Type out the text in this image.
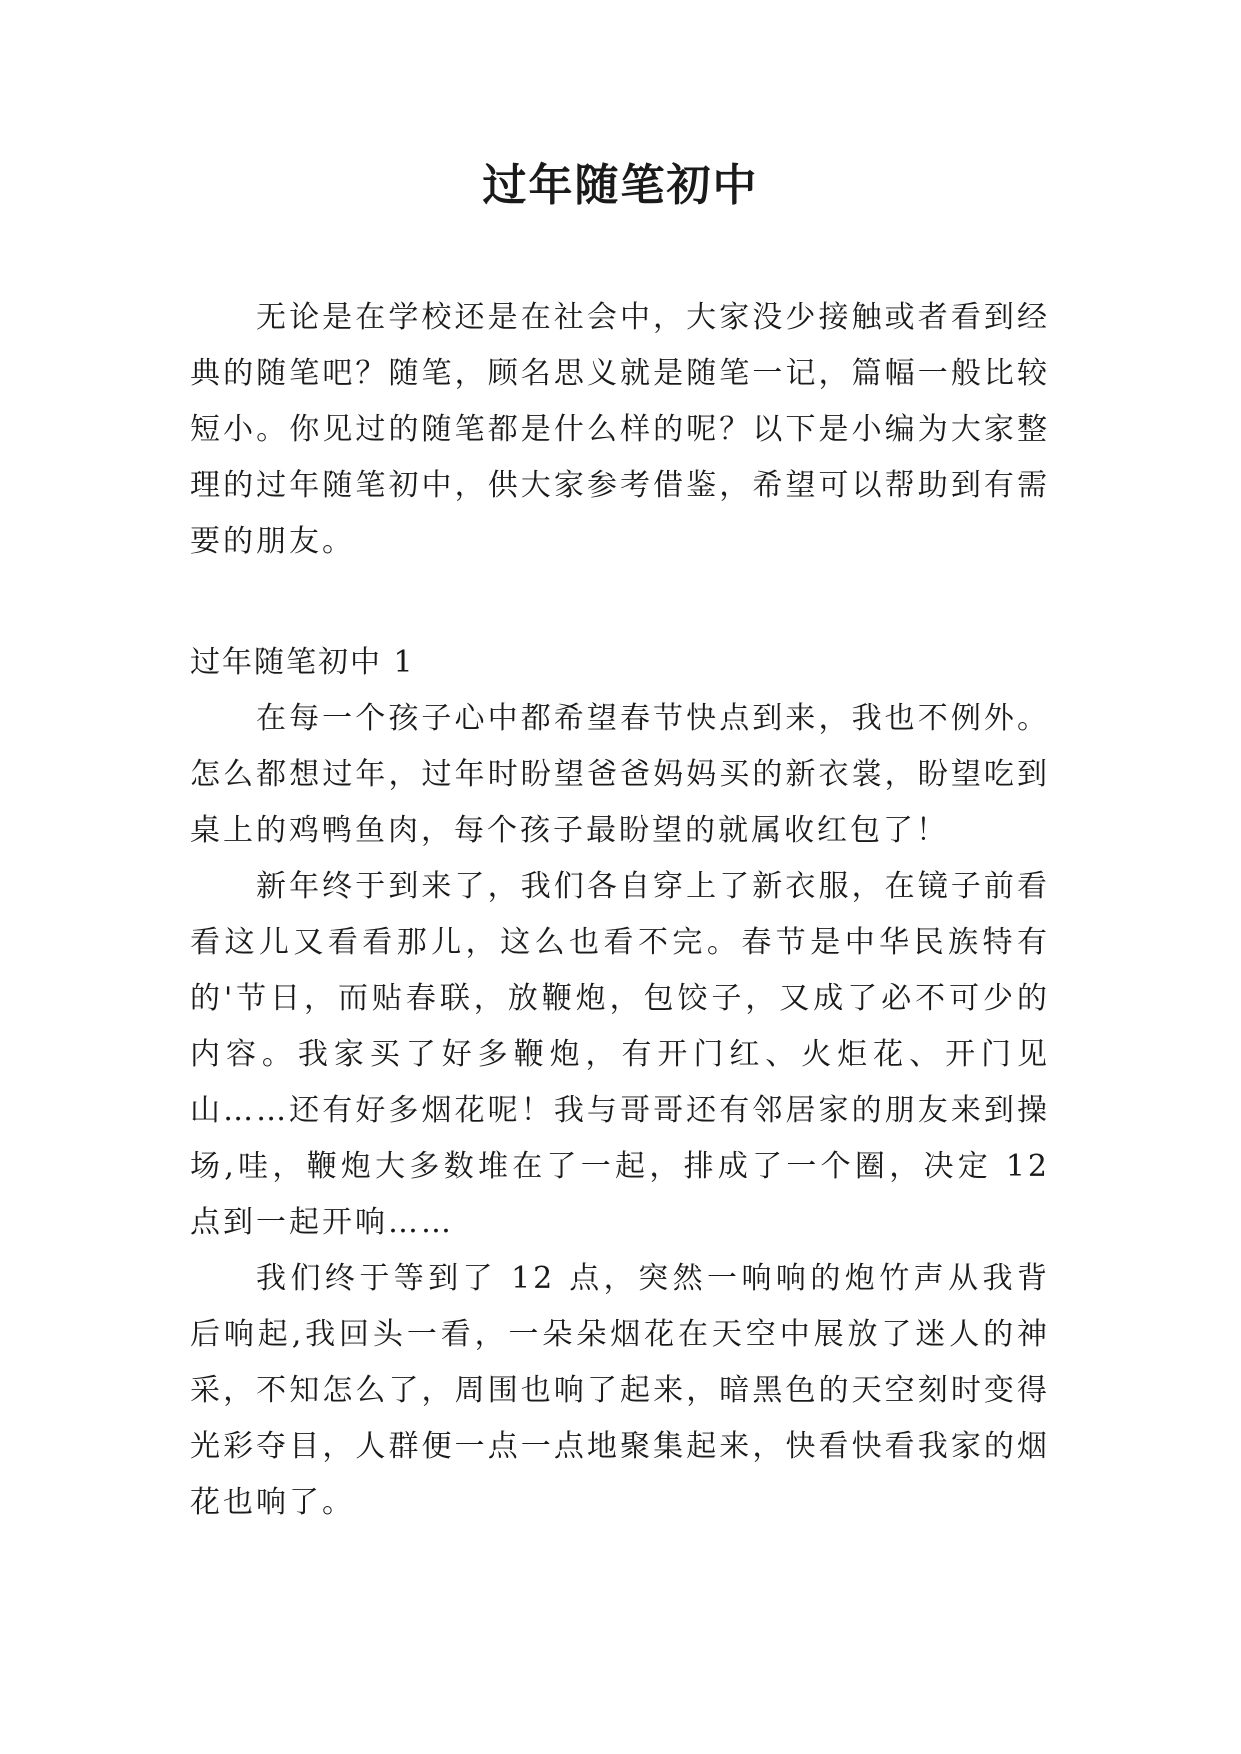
过年随笔初中

无论是在学校还是在社会中，大家没少接触或者看到经典的随笔吧？随笔，顾名思义就是随笔一记，篇幅一般比较短小。你见过的随笔都是什么样的呢？以下是小编为大家整理的过年随笔初中，供大家参考借鉴，希望可以帮助到有需要的朋友。

过年随笔初中 1

在每一个孩子心中都希望春节快点到来，我也不例外。怎么都想过年，过年时盼望爸爸妈妈买的新衣裳，盼望吃到桌上的鸡鸭鱼肉，每个孩子最盼望的就属收红包了！

新年终于到来了，我们各自穿上了新衣服，在镜子前看看这儿又看看那儿，这么也看不完。春节是中华民族特有的'节日，而贴春联，放鞭炮，包饺子，又成了必不可少的内容。我家买了好多鞭炮，有开门红、火炬花、开门见山……还有好多烟花呢！我与哥哥还有邻居家的朋友来到操场,哇，鞭炮大多数堆在了一起，排成了一个圈，决定 12 点到一起开响……

我们终于等到了 12 点，突然一响响的炮竹声从我背后响起,我回头一看，一朵朵烟花在天空中展放了迷人的神采，不知怎么了，周围也响了起来，暗黑色的天空刻时变得光彩夺目，人群便一点一点地聚集起来，快看快看我家的烟花也响了。
